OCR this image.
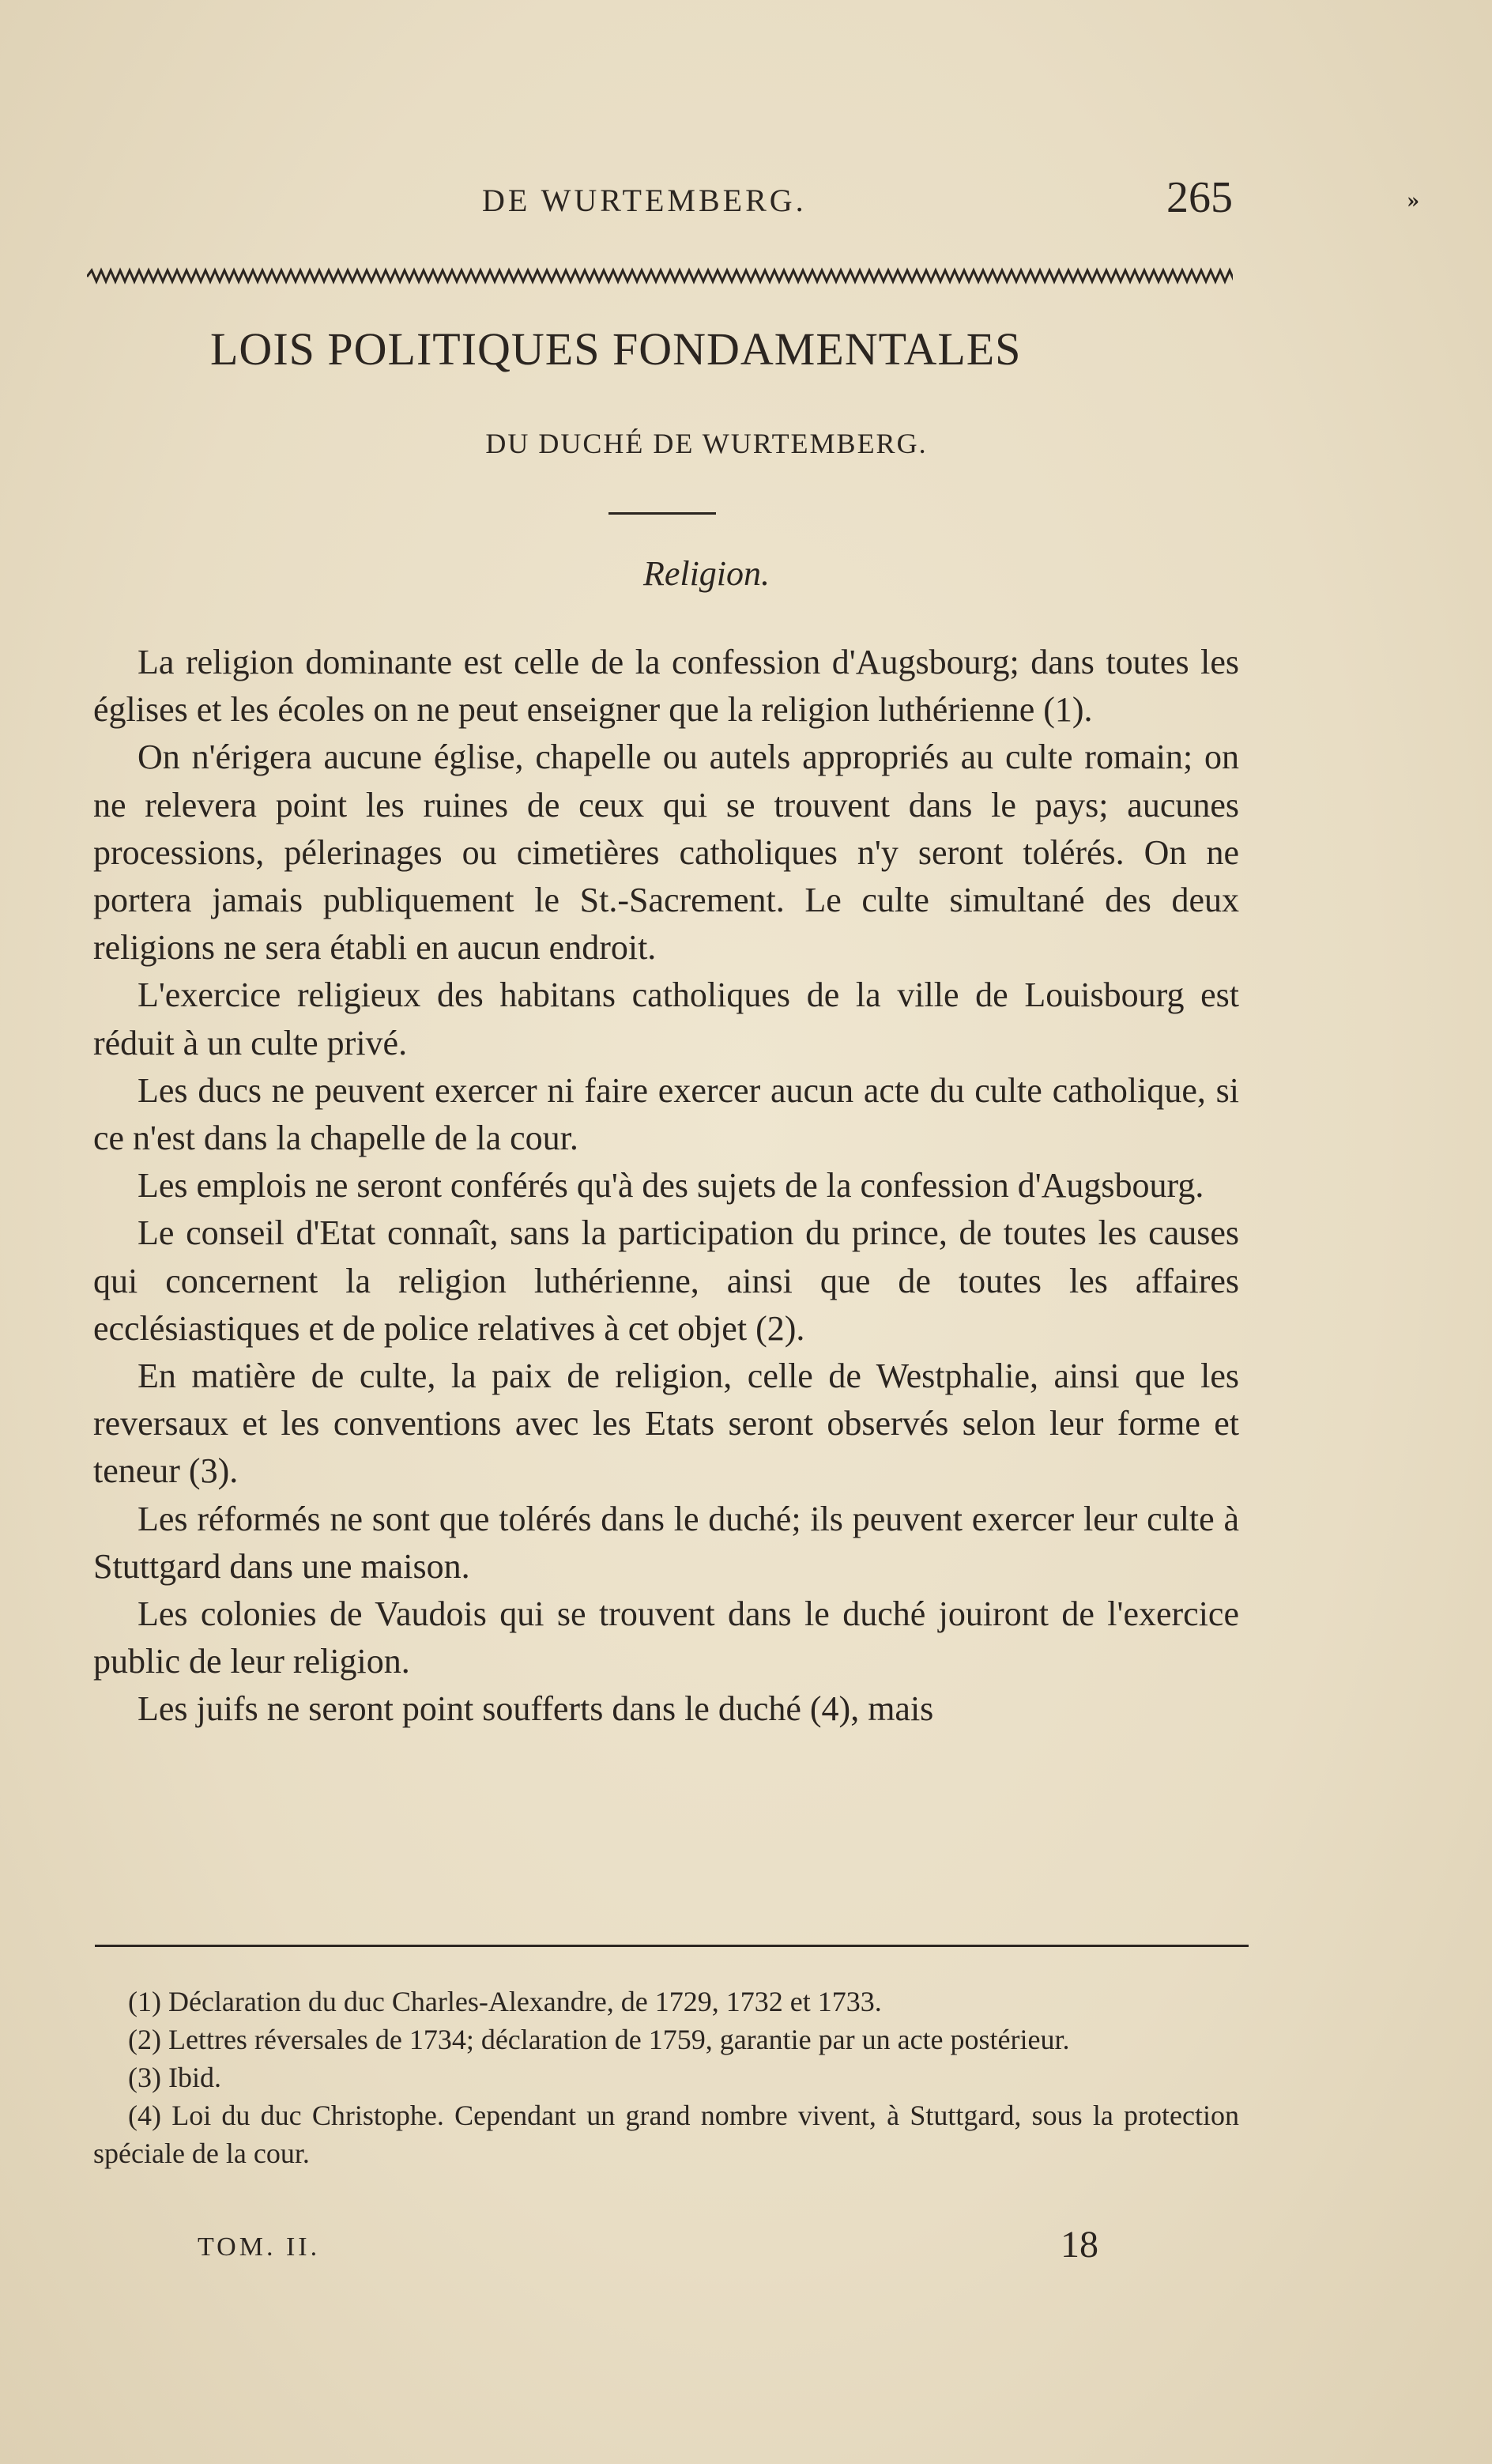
DE WURTEMBERG.	265	»
LOIS POLITIQUES FONDAMENTALES
DU DUCHÉ DE WURTEMBERG.
Religion.

La religion dominante est celle de la confession d'Augsbourg; dans toutes les églises et les écoles on ne peut enseigner que la religion luthérienne (1).

On n'érigera aucune église, chapelle ou autels appropriés au culte romain; on ne relevera point les ruines de ceux qui se trouvent dans le pays; aucunes processions, pélerinages ou cimetières catholiques n'y seront tolérés. On ne portera jamais publiquement le St.-Sacrement. Le culte simultané des deux religions ne sera établi en aucun endroit.

L'exercice religieux des habitans catholiques de la ville de Louisbourg est réduit à un culte privé.

Les ducs ne peuvent exercer ni faire exercer aucun acte du culte catholique, si ce n'est dans la chapelle de la cour.

Les emplois ne seront conférés qu'à des sujets de la confession d'Augsbourg.

Le conseil d'Etat connaît, sans la participation du prince, de toutes les causes qui concernent la religion luthérienne, ainsi que de toutes les affaires ecclésiastiques et de police relatives à cet objet (2).

En matière de culte, la paix de religion, celle de Westphalie, ainsi que les reversaux et les conventions avec les Etats seront observés selon leur forme et teneur (3).

Les réformés ne sont que tolérés dans le duché; ils peuvent exercer leur culte à Stuttgard dans une maison.

Les colonies de Vaudois qui se trouvent dans le duché jouiront de l'exercice public de leur religion.

Les juifs ne seront point soufferts dans le duché (4), mais

(1) Déclaration du duc Charles-Alexandre, de 1729, 1732 et 1733.

(2) Lettres réversales de 1734; déclaration de 1759, garantie par un acte postérieur.

(3) Ibid.

(4) Loi du duc Christophe. Cependant un grand nombre vivent, à Stuttgard, sous la protection spéciale de la cour.

TOM. II.	18
